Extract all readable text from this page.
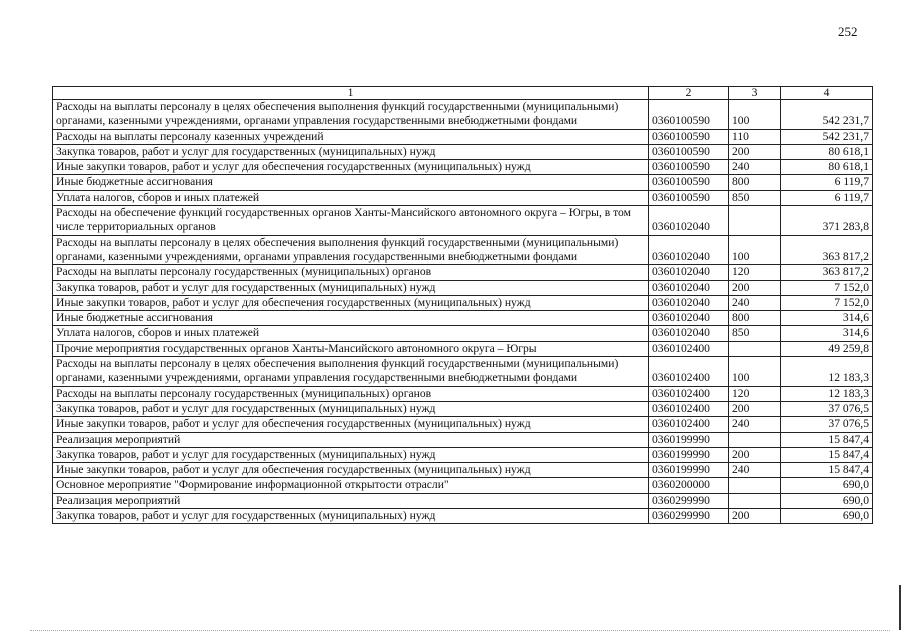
252
1	2	3	4
Расходы на выплаты персоналу в целях обеспечения выполнения функций государственными (муниципальными) органами, казенными учреждениями, органами управления государственными внебюджетными фондами	0360100590	100	542 231,7
Расходы на выплаты персоналу казенных учреждений	0360100590	110	542 231,7
Закупка товаров, работ и услуг для государственных (муниципальных) нужд	0360100590	200	80 618,1
Иные закупки товаров, работ и услуг для обеспечения государственных (муниципальных) нужд	0360100590	240	80 618,1
Иные бюджетные ассигнования	0360100590	800	6 119,7
Уплата налогов, сборов и иных платежей	0360100590	850	6 119,7
Расходы на обеспечение функций государственных органов Ханты-Мансийского автономного округа – Югры, в том числе территориальных органов	0360102040		371 283,8
Расходы на выплаты персоналу в целях обеспечения выполнения функций государственными (муниципальными) органами, казенными учреждениями, органами управления государственными внебюджетными фондами	0360102040	100	363 817,2
Расходы на выплаты персоналу государственных (муниципальных) органов	0360102040	120	363 817,2
Закупка товаров, работ и услуг для государственных (муниципальных) нужд	0360102040	200	7 152,0
Иные закупки товаров, работ и услуг для обеспечения государственных (муниципальных) нужд	0360102040	240	7 152,0
Иные бюджетные ассигнования	0360102040	800	314,6
Уплата налогов, сборов и иных платежей	0360102040	850	314,6
Прочие мероприятия государственных органов Ханты-Мансийского автономного округа – Югры	0360102400		49 259,8
Расходы на выплаты персоналу в целях обеспечения выполнения функций государственными (муниципальными) органами, казенными учреждениями, органами управления государственными внебюджетными фондами	0360102400	100	12 183,3
Расходы на выплаты персоналу государственных (муниципальных) органов	0360102400	120	12 183,3
Закупка товаров, работ и услуг для государственных (муниципальных) нужд	0360102400	200	37 076,5
Иные закупки товаров, работ и услуг для обеспечения государственных (муниципальных) нужд	0360102400	240	37 076,5
Реализация мероприятий	0360199990		15 847,4
Закупка товаров, работ и услуг для государственных (муниципальных) нужд	0360199990	200	15 847,4
Иные закупки товаров, работ и услуг для обеспечения государственных (муниципальных) нужд	0360199990	240	15 847,4
Основное мероприятие "Формирование информационной открытости отрасли"	0360200000		690,0
Реализация мероприятий	0360299990		690,0
Закупка товаров, работ и услуг для государственных (муниципальных) нужд	0360299990	200	690,0
